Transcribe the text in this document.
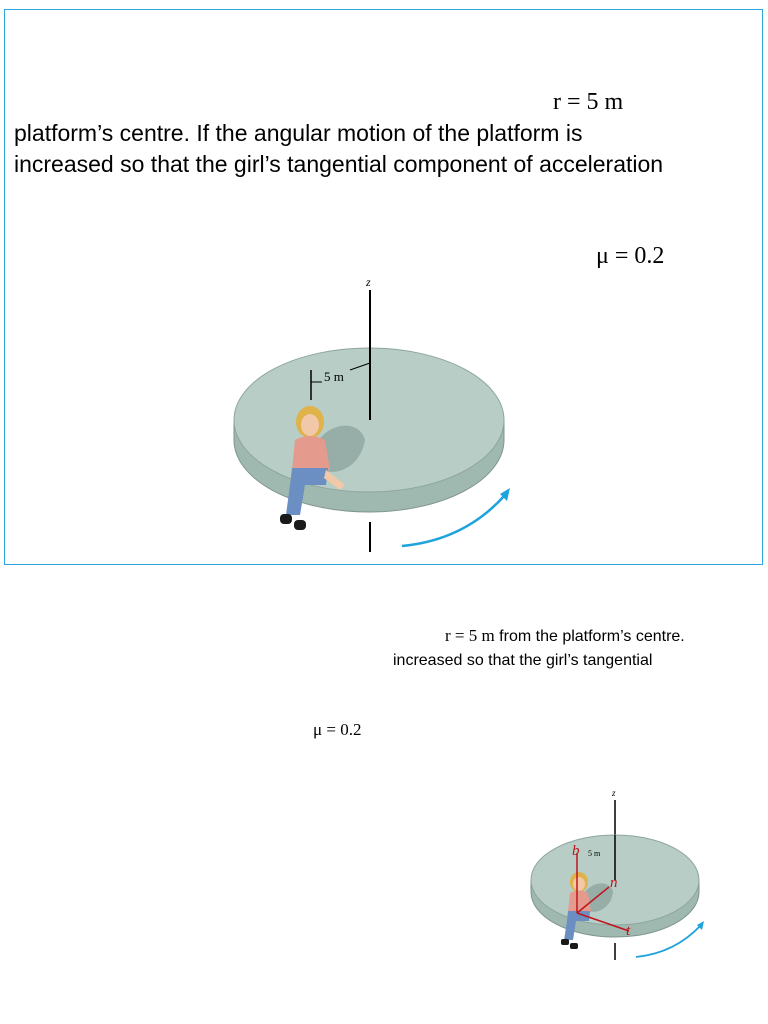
r = 5 m
platform’s centre. If the angular motion of the platform is
increased so that the girl’s tangential component of acceleration
μ = 0.2
z
5 m
r = 5 m from the platform’s centre.
increased so that the girl’s tangential
μ = 0.2
z
5 m
b
n
t
